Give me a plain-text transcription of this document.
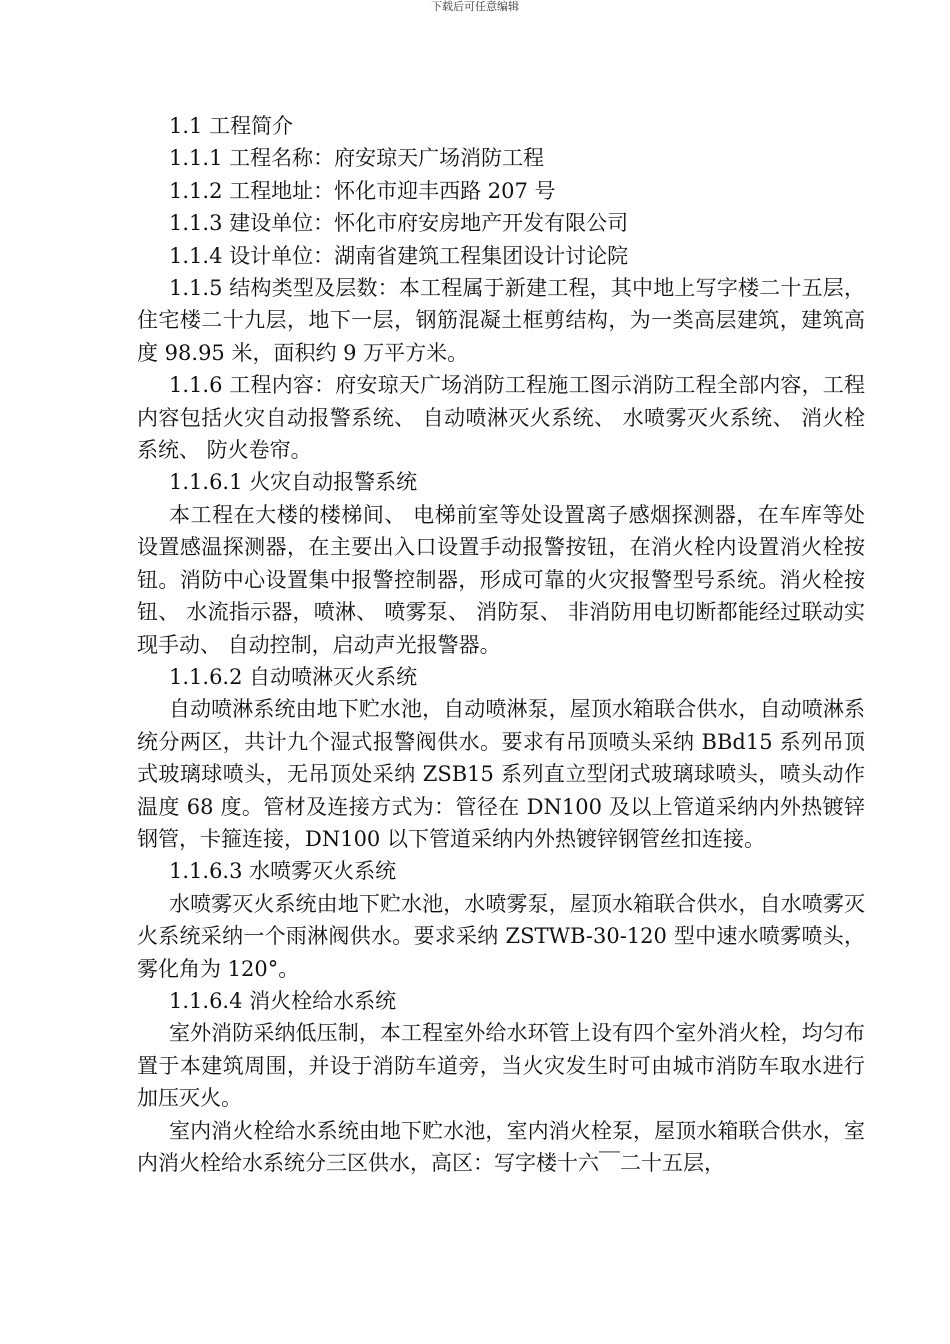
下载后可任意编辑

1.1 工程简介

1.1.1 工程名称：府安琼天广场消防工程

1.1.2 工程地址：怀化市迎丰西路 207 号

1.1.3 建设单位：怀化市府安房地产开发有限公司

1.1.4 设计单位：湖南省建筑工程集团设计讨论院

1.1.5 结构类型及层数：本工程属于新建工程，其中地上写字楼二十五层，住宅楼二十九层，地下一层，钢筋混凝土框剪结构，为一类高层建筑，建筑高度 98.95 米，面积约 9 万平方米。

1.1.6 工程内容：府安琼天广场消防工程施工图示消防工程全部内容，工程内容包括火灾自动报警系统、 自动喷淋灭火系统、 水喷雾灭火系统、 消火栓系统、 防火卷帘。

1.1.6.1 火灾自动报警系统

本工程在大楼的楼梯间、 电梯前室等处设置离子感烟探测器，在车库等处设置感温探测器，在主要出入口设置手动报警按钮，在消火栓内设置消火栓按钮。消防中心设置集中报警控制器，形成可靠的火灾报警型号系统。消火栓按钮、 水流指示器，喷淋、 喷雾泵、 消防泵、 非消防用电切断都能经过联动实现手动、 自动控制，启动声光报警器。

1.1.6.2 自动喷淋灭火系统

自动喷淋系统由地下贮水池，自动喷淋泵，屋顶水箱联合供水，自动喷淋系统分两区，共计九个湿式报警阀供水。要求有吊顶喷头采纳 BBd15 系列吊顶式玻璃球喷头，无吊顶处采纳 ZSB15 系列直立型闭式玻璃球喷头，喷头动作温度 68 度。管材及连接方式为：管径在 DN100 及以上管道采纳内外热镀锌钢管，卡箍连接，DN100 以下管道采纳内外热镀锌钢管丝扣连接。

1.1.6.3 水喷雾灭火系统

水喷雾灭火系统由地下贮水池，水喷雾泵，屋顶水箱联合供水，自水喷雾灭火系统采纳一个雨淋阀供水。要求采纳 ZSTWB-30-120 型中速水喷雾喷头，雾化角为 120°。

1.1.6.4 消火栓给水系统

室外消防采纳低压制，本工程室外给水环管上设有四个室外消火栓，均匀布置于本建筑周围，并设于消防车道旁，当火灾发生时可由城市消防车取水进行加压灭火。

室内消火栓给水系统由地下贮水池，室内消火栓泵，屋顶水箱联合供水，室内消火栓给水系统分三区供水，高区：写字楼十六￣二十五层，
